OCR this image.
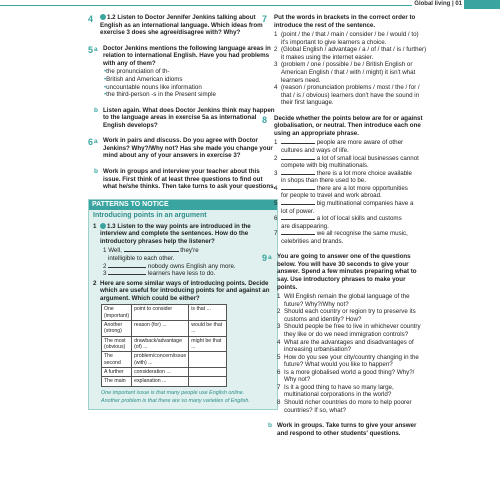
Global living | 01
4 1.2 Listen to Doctor Jennifer Jenkins talking about English as an international language. Which ideas from exercise 3 does she agree/disagree with? Why?
5 a Doctor Jenkins mentions the following language areas in relation to international English. Have you had problems with any of them?
• the pronunciation of th-
• British and American idioms
• uncountable nouns like information
• the third-person -s in the Present simple
b Listen again. What does Doctor Jenkins think may happen to the language areas in exercise 5a as international English develops?
6 a Work in pairs and discuss. Do you agree with Doctor Jenkins? Why?/Why not? Has she made you change your mind about any of your answers in exercise 3?
b Work in groups and interview your teacher about this issue. First think of at least three questions to find out what he/she thinks. Then take turns to ask your questions.
PATTERNS TO NOTICE
Introducing points in an argument
1 1.3 Listen to the way points are introduced in the interview and complete the sentences. How do the introductory phrases help the listener?
1 Well,	they're
intelligible to each other.
2	nobody owns English any more.
3	learners have less to do.
2 Here are some similar ways of introducing points. Decide which are useful for introducing points for and against an argument. Which could be either?
One (important)	point to consider	is that ...
Another (strong)	reason (for) ...	would be that ...
The most (obvious)	drawback/advantage (of) ...	might be that ...
The second	problem/concern/issue (with) ...	
A further	consideration ...	
The main	explanation ...	
One important issue is that many people use English online.
Another problem is that there are so many varieties of English.
7 Put the words in brackets in the correct order to introduce the rest of the sentence.
1 (point / the / that / main / consider / be / would / to) it's important to give learners a choice.
2 (Global English / advantage / a / of / that / is / further) it makes using the internet easier.
3 (problem / one / possible / be / British English or American English / that / with / might) it isn't what learners need.
4 (reason / pronunciation problems / most / the / for / that / is / obvious) learners don't have the sound in their first language.
8 Decide whether the points below are for or against globalisation, or neutral. Then introduce each one using an appropriate phrase.
1	people are more aware of other
cultures and ways of life.
2	a lot of small local businesses cannot
compete with big multinationals.
3	there is a lot more choice available
in shops than there used to be.
4	there are a lot more opportunities
for people to travel and work abroad.
5	big multinational companies have a
lot of power.
6	a lot of local skills and customs
are disappearing.
7	we all recognise the same music,
celebrities and brands.
9 a You are going to answer one of the questions below. You will have 30 seconds to give your answer. Spend a few minutes preparing what to say. Use introductory phrases to make your points.
1 Will English remain the global language of the future? Why?/Why not?
2 Should each country or region try to preserve its customs and identity? How?
3 Should people be free to live in whichever country they like or do we need immigration controls?
4 What are the advantages and disadvantages of increasing urbanisation?
5 How do you see your city/country changing in the future? What would you like to happen?
6 Is a more globalised world a good thing? Why?/ Why not?
7 Is it a good thing to have so many large, multinational corporations in the world?
8 Should richer countries do more to help poorer countries? If so, what?
b Work in groups. Take turns to give your answer and respond to other students' questions.
